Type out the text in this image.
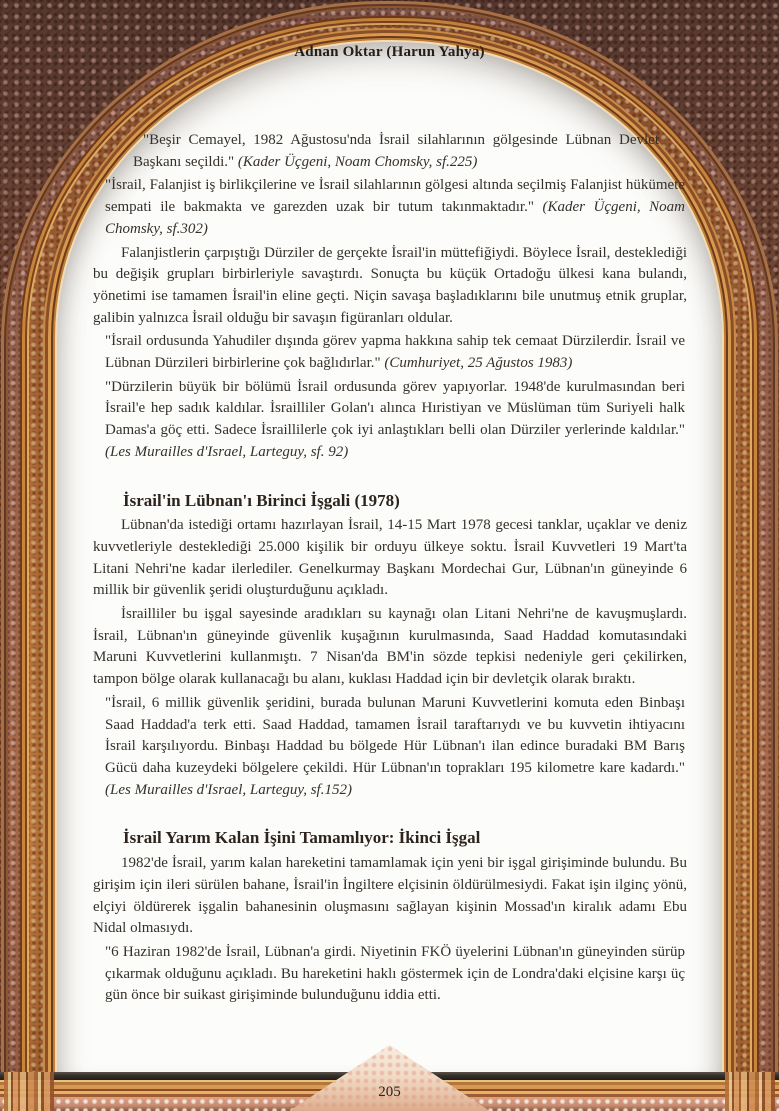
Adnan Oktar (Harun Yahya)
"Beşir Cemayel, 1982 Ağustosu'nda İsrail silahlarının gölgesinde Lübnan Devlet Başkanı seçildi." (Kader Üçgeni, Noam Chomsky, sf.225)
"İsrail, Falanjist iş birlikçilerine ve İsrail silahlarının gölgesi altında seçilmiş Falanjist hükümete sempati ile bakmakta ve garezden uzak bir tutum takınmaktadır." (Kader Üçgeni, Noam Chomsky, sf.302)
Falanjistlerin çarpıştığı Dürziler de gerçekte İsrail'in müttefiğiydi. Böylece İsrail, desteklediği bu değişik grupları birbirleriyle savaştırdı. Sonuçta bu küçük Ortadoğu ülkesi kana bulandı, yönetimi ise tamamen İsrail'in eline geçti. Niçin savaşa başladıklarını bile unutmuş etnik gruplar, galibin yalnızca İsrail olduğu bir savaşın figüranları oldular.
"İsrail ordusunda Yahudiler dışında görev yapma hakkına sahip tek cemaat Dürzilerdir. İsrail ve Lübnan Dürzileri birbirlerine çok bağlıdırlar." (Cumhuriyet, 25 Ağustos 1983)
"Dürzilerin büyük bir bölümü İsrail ordusunda görev yapıyorlar. 1948'de kurulmasından beri İsrail'e hep sadık kaldılar. İsrailliler Golan'ı alınca Hıristiyan ve Müslüman tüm Suriyeli halk Damas'a göç etti. Sadece İsraillilerle çok iyi anlaştıkları belli olan Dürziler yerlerinde kaldılar." (Les Murailles d'Israel, Larteguy, sf. 92)
İsrail'in Lübnan'ı Birinci İşgali (1978)
Lübnan'da istediği ortamı hazırlayan İsrail, 14-15 Mart 1978 gecesi tanklar, uçaklar ve deniz kuvvetleriyle desteklediği 25.000 kişilik bir orduyu ülkeye soktu. İsrail Kuvvetleri 19 Mart'ta Litani Nehri'ne kadar ilerlediler. Genelkurmay Başkanı Mordechai Gur, Lübnan'ın güneyinde 6 millik bir güvenlik şeridi oluşturduğunu açıkladı.
İsrailliler bu işgal sayesinde aradıkları su kaynağı olan Litani Nehri'ne de kavuşmuşlardı. İsrail, Lübnan'ın güneyinde güvenlik kuşağının kurulmasında, Saad Haddad komutasındaki Maruni Kuvvetlerini kullanmıştı. 7 Nisan'da BM'in sözde tepkisi nedeniyle geri çekilirken, tampon bölge olarak kullanacağı bu alanı, kuklası Haddad için bir devletçik olarak bıraktı.
"İsrail, 6 millik güvenlik şeridini, burada bulunan Maruni Kuvvetlerini komuta eden Binbaşı Saad Haddad'a terk etti. Saad Haddad, tamamen İsrail taraftarıydı ve bu kuvvetin ihtiyacını İsrail karşılıyordu. Binbaşı Haddad bu bölgede Hür Lübnan'ı ilan edince buradaki BM Barış Gücü daha kuzeydeki bölgelere çekildi. Hür Lübnan'ın toprakları 195 kilometre kare kadardı." (Les Murailles d'Israel, Larteguy, sf.152)
İsrail Yarım Kalan İşini Tamamlıyor: İkinci İşgal
1982'de İsrail, yarım kalan hareketini tamamlamak için yeni bir işgal girişiminde bulundu. Bu girişim için ileri sürülen bahane, İsrail'in İngiltere elçisinin öldürülmesiydi. Fakat işin ilginç yönü, elçiyi öldürerek işgalin bahanesinin oluşmasını sağlayan kişinin Mossad'ın kiralık adamı Ebu Nidal olmasıydı.
"6 Haziran 1982'de İsrail, Lübnan'a girdi. Niyetinin FKÖ üyelerini Lübnan'ın güneyinden sürüp çıkarmak olduğunu açıkladı. Bu hareketini haklı göstermek için de Londra'daki elçisine karşı üç gün önce bir suikast girişiminde bulunduğunu iddia etti.
205
